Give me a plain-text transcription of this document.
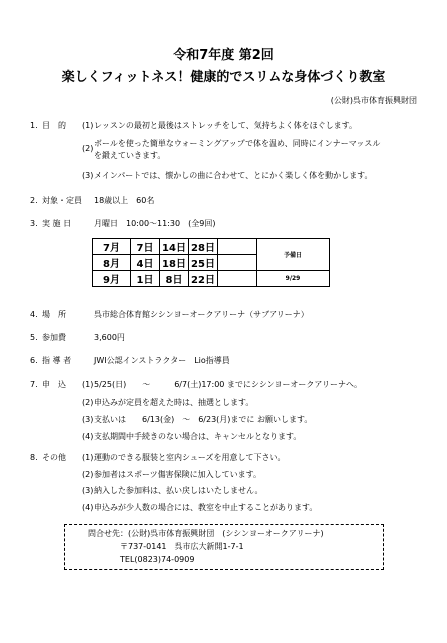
令和7年度 第2回
楽しくフィットネス！健康的でスリムな身体づくり教室
(公財)呉市体育振興財団
1. 目　的 (1) レッスンの最初と最後はストレッチをして、気持ちよく体をほぐします。
(2)
ボールを使った簡単なウォーミングアップで体を温め、同時にインナーマッスル
を鍛えていきます。
(3) メインパートでは、懐かしの曲に合わせて、とにかく楽しく体を動かします。
2. 対象・定員 18歳以上　60名
3. 実 施 日	月曜日　10:00～11:30　(全9回)
7月	7日	14日	28日		予備日
8月	4日	18日	25日		
9月	1日	8日	22日		9/29
4. 場　所	呉市総合体育館シシンヨーオークアリーナ（サブアリーナ）
5. 参加費	3,600円
6. 指 導 者	JWI公認インストラクター　Lio指導員
7. 申　込 (1) 5/25(日)　　～　　　6/7(土)17:00 までにシシンヨーオークアリーナへ。
(2) 申込みが定員を超えた時は、抽選とします。
(3) 支払いは　　6/13(金)　～　6/23(月)までに お願いします。
(4) 支払期間中手続きのない場合は、キャンセルとなります。
8. その他 (1) 運動のできる服装と室内シューズを用意して下さい。
(2) 参加者はスポーツ傷害保険に加入しています。
(3) 納入した参加料は、払い戻しはいたしません。
(4) 申込みが少人数の場合には、教室を中止することがあります。
問合せ先：(公財)呉市体育振興財団　(シシンヨーオークアリーナ)
〒737-0141　呉市広大新開1-7-1
TEL(0823)74-0909
